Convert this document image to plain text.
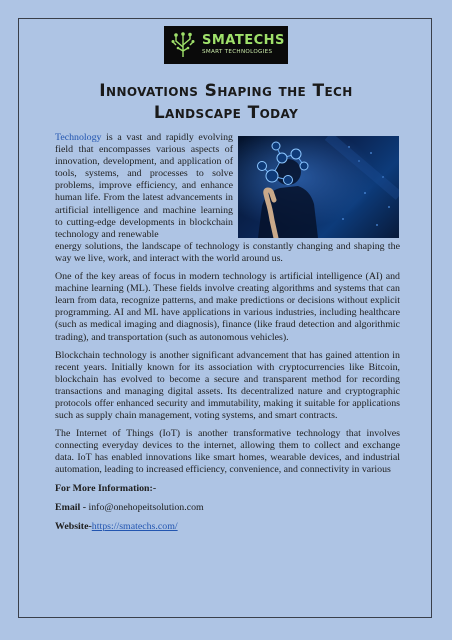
SMATECHS
SMART TECHNOLOGIES
Innovations Shaping the Tech
Landscape Today

Technology is a vast and rapidly evolving field that encompasses various aspects of innovation, development, and application of tools, systems, and processes to solve problems, improve efficiency, and enhance human life. From the latest advancements in artificial intelligence and machine learning to cutting-edge developments in blockchain technology and renewable
energy solutions, the landscape of technology is constantly changing and shaping the way we live, work, and interact with the world around us.

One of the key areas of focus in modern technology is artificial intelligence (AI) and machine learning (ML). These fields involve creating algorithms and systems that can learn from data, recognize patterns, and make predictions or decisions without explicit programming. AI and ML have applications in various industries, including healthcare (such as medical imaging and diagnosis), finance (like fraud detection and algorithmic trading), and transportation (such as autonomous vehicles).

Blockchain technology is another significant advancement that has gained attention in recent years. Initially known for its association with cryptocurrencies like Bitcoin, blockchain has evolved to become a secure and transparent method for recording transactions and managing digital assets. Its decentralized nature and cryptographic protocols offer enhanced security and immutability, making it suitable for applications such as supply chain management, voting systems, and smart contracts.

The Internet of Things (IoT) is another transformative technology that involves connecting everyday devices to the internet, allowing them to collect and exchange data. IoT has enabled innovations like smart homes, wearable devices, and industrial automation, leading to increased efficiency, convenience, and connectivity in various

For More Information:-
Email - info@onehopeitsolution.com
Website-https://smatechs.com/
